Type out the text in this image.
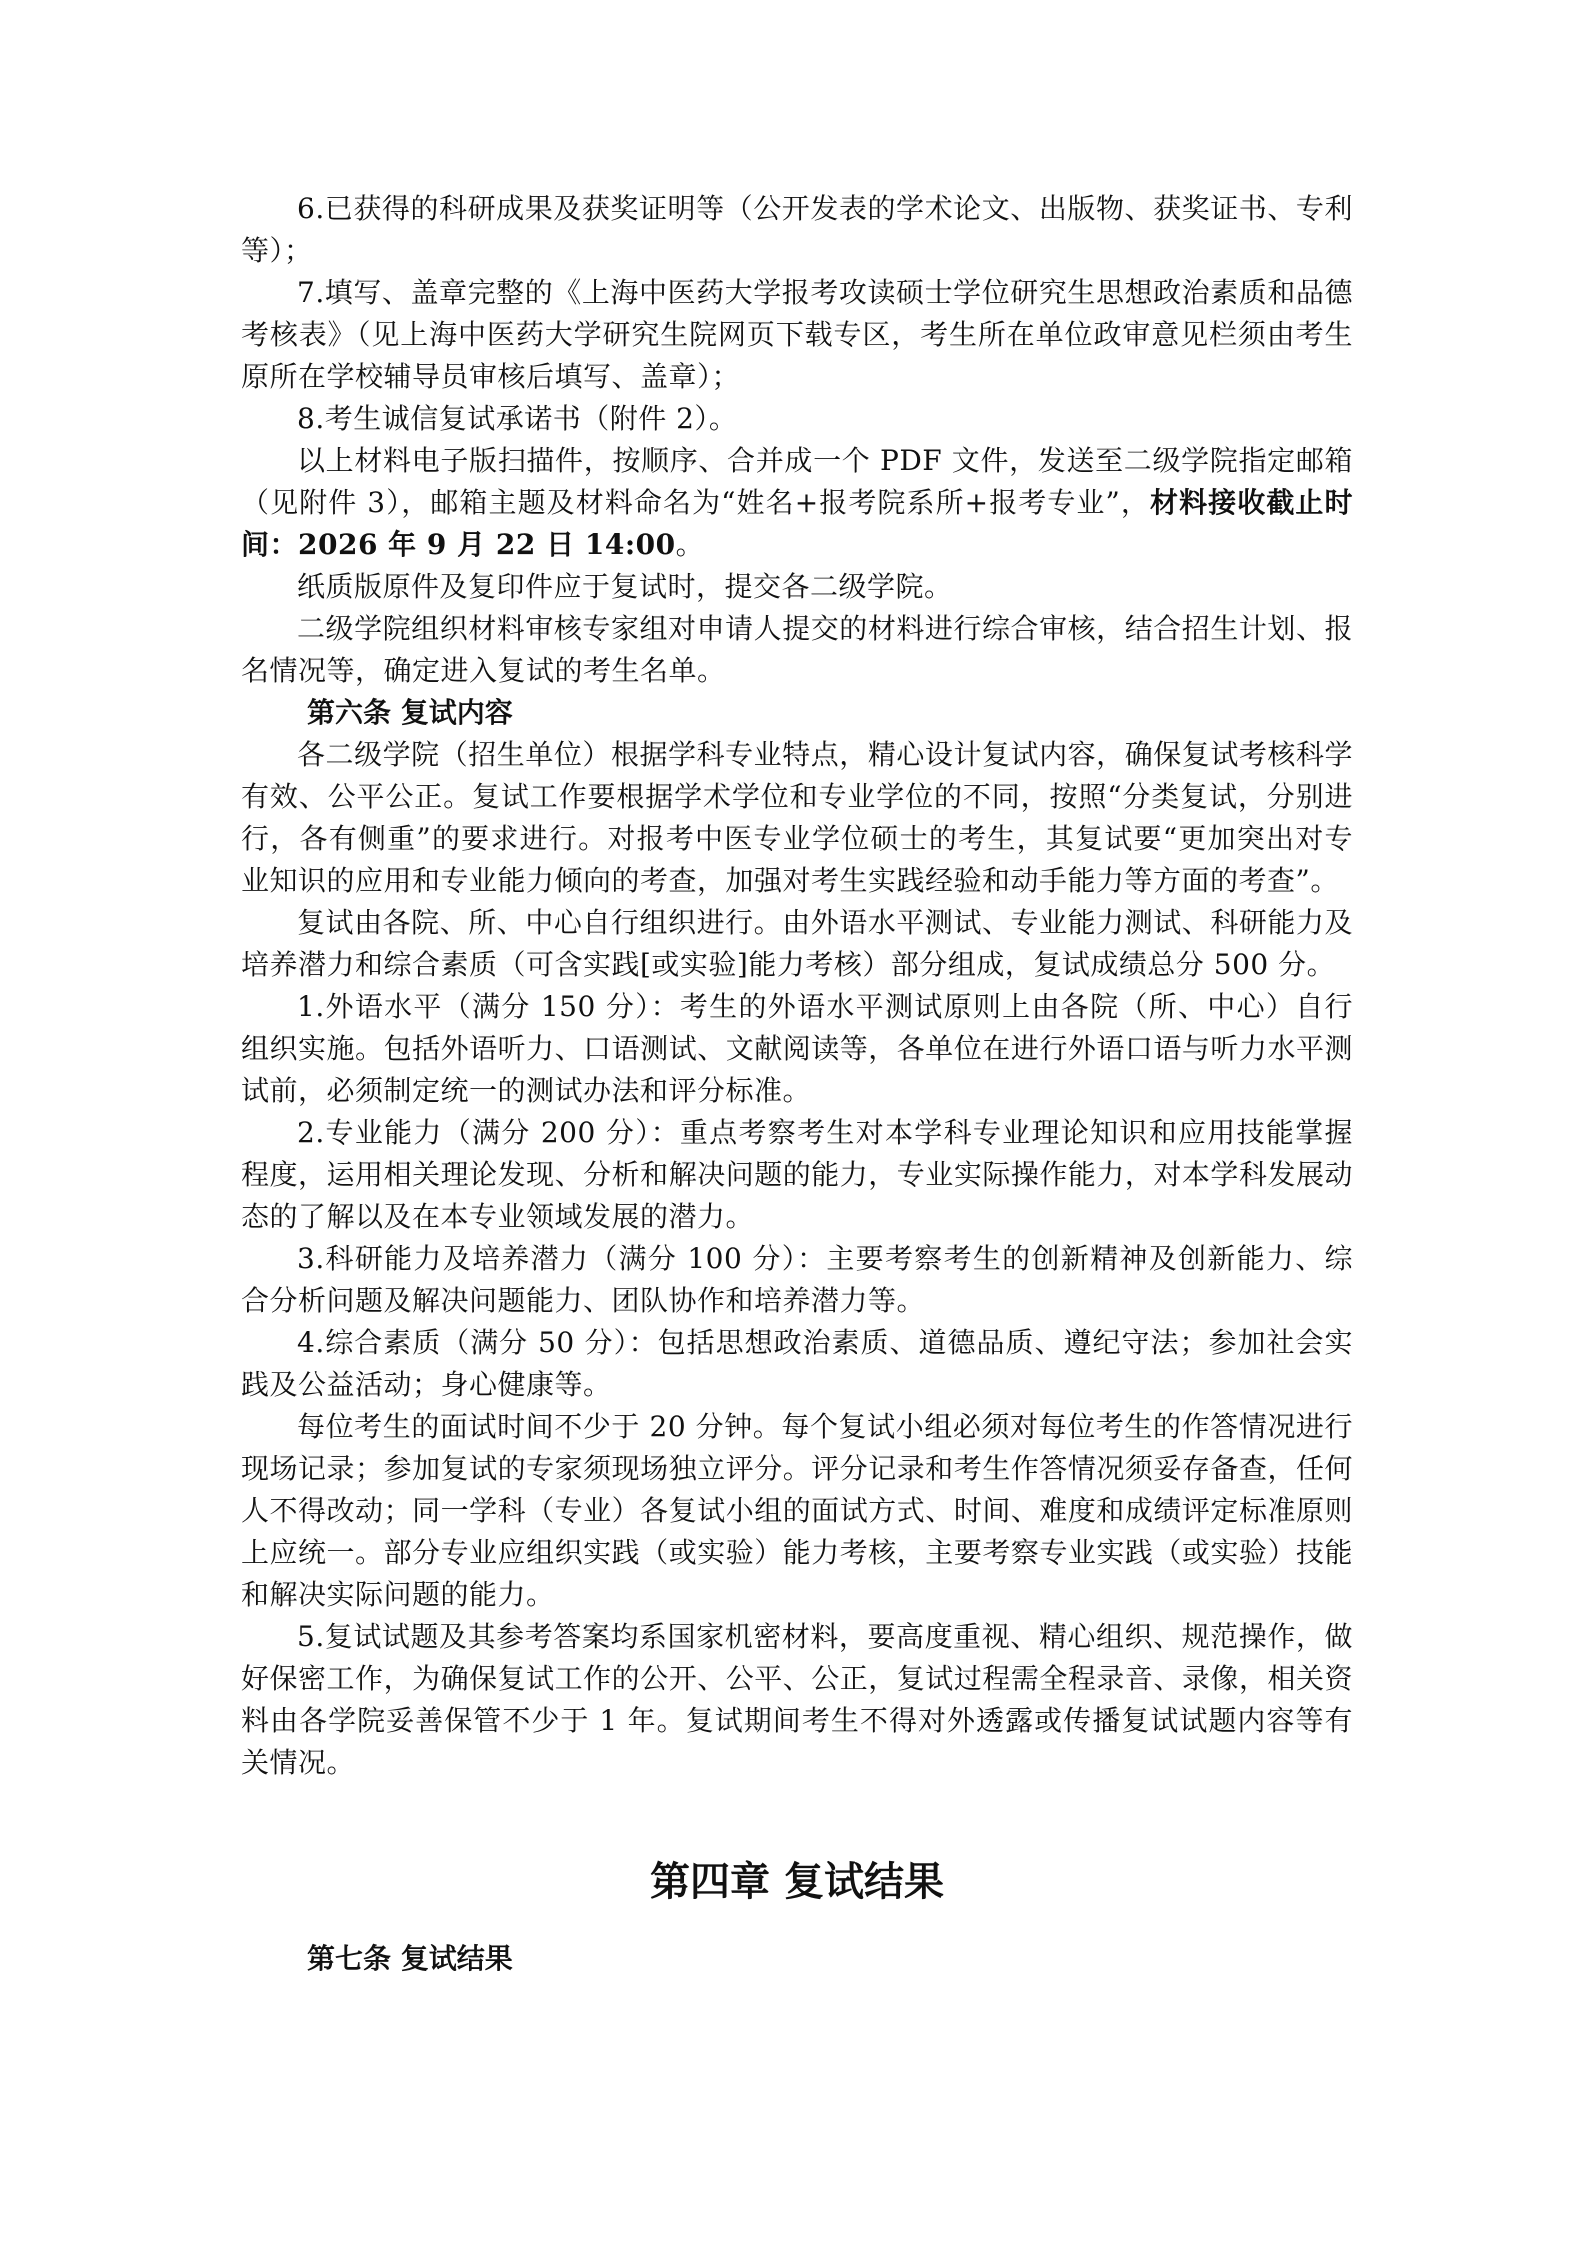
6.已获得的科研成果及获奖证明等（公开发表的学术论文、出版物、获奖证书、专利等）；

7.填写、盖章完整的《上海中医药大学报考攻读硕士学位研究生思想政治素质和品德考核表》（见上海中医药大学研究生院网页下载专区，考生所在单位政审意见栏须由考生原所在学校辅导员审核后填写、盖章）；

8.考生诚信复试承诺书（附件 2）。

以上材料电子版扫描件，按顺序、合并成一个 PDF 文件，发送至二级学院指定邮箱（见附件 3），邮箱主题及材料命名为“姓名+报考院系所+报考专业”，材料接收截止时间：2026 年 9 月 22 日 14:00。

纸质版原件及复印件应于复试时，提交各二级学院。

二级学院组织材料审核专家组对申请人提交的材料进行综合审核，结合招生计划、报名情况等，确定进入复试的考生名单。

第六条 复试内容

各二级学院（招生单位）根据学科专业特点，精心设计复试内容，确保复试考核科学有效、公平公正。复试工作要根据学术学位和专业学位的不同，按照“分类复试，分别进行，各有侧重”的要求进行。对报考中医专业学位硕士的考生，其复试要“更加突出对专业知识的应用和专业能力倾向的考查，加强对考生实践经验和动手能力等方面的考查”。

复试由各院、所、中心自行组织进行。由外语水平测试、专业能力测试、科研能力及培养潜力和综合素质（可含实践[或实验]能力考核）部分组成，复试成绩总分 500 分。

1.外语水平（满分 150 分）：考生的外语水平测试原则上由各院（所、中心）自行组织实施。包括外语听力、口语测试、文献阅读等，各单位在进行外语口语与听力水平测试前，必须制定统一的测试办法和评分标准。

2.专业能力（满分 200 分）：重点考察考生对本学科专业理论知识和应用技能掌握程度，运用相关理论发现、分析和解决问题的能力，专业实际操作能力，对本学科发展动态的了解以及在本专业领域发展的潜力。

3.科研能力及培养潜力（满分 100 分）：主要考察考生的创新精神及创新能力、综合分析问题及解决问题能力、团队协作和培养潜力等。

4.综合素质（满分 50 分）：包括思想政治素质、道德品质、遵纪守法；参加社会实践及公益活动；身心健康等。

每位考生的面试时间不少于 20 分钟。每个复试小组必须对每位考生的作答情况进行现场记录；参加复试的专家须现场独立评分。评分记录和考生作答情况须妥存备查，任何人不得改动；同一学科（专业）各复试小组的面试方式、时间、难度和成绩评定标准原则上应统一。部分专业应组织实践（或实验）能力考核，主要考察专业实践（或实验）技能和解决实际问题的能力。

5.复试试题及其参考答案均系国家机密材料，要高度重视、精心组织、规范操作，做好保密工作，为确保复试工作的公开、公平、公正，复试过程需全程录音、录像，相关资料由各学院妥善保管不少于 1 年。复试期间考生不得对外透露或传播复试试题内容等有关情况。

第四章 复试结果

第七条 复试结果
